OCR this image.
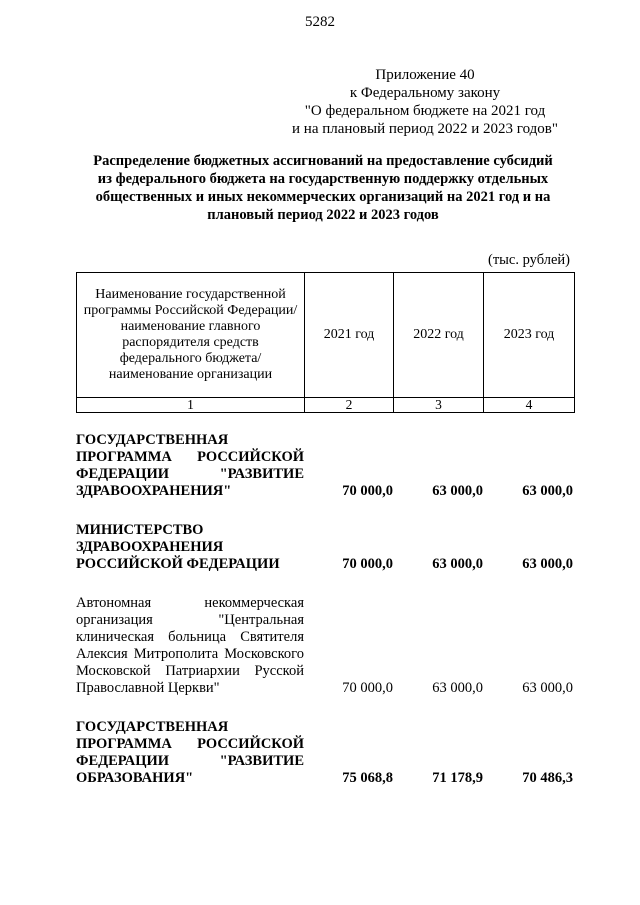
5282
Приложение 40
к Федеральному закону
"О федеральном бюджете на 2021 год
и на плановый период 2022 и 2023 годов"
Распределение бюджетных ассигнований на предоставление субсидий
из федерального бюджета на государственную поддержку отдельных
общественных и иных некоммерческих организаций на 2021 год и на
плановый период 2022 и 2023 годов
(тыс. рублей)
Наименование государственной программы Российской Федерации/наименование главного распорядителя средств федерального бюджета/наименование организации	2021 год	2022 год	2023 год
1	2	3	4
ГОСУДАРСТВЕННАЯ ПРОГРАММА РОССИЙСКОЙ ФЕДЕРАЦИИ "РАЗВИТИЕ ЗДРАВООХРАНЕНИЯ"	70 000,0	63 000,0	63 000,0
МИНИСТЕРСТВО ЗДРАВООХРАНЕНИЯ РОССИЙСКОЙ ФЕДЕРАЦИИ	70 000,0	63 000,0	63 000,0
Автономная некоммерческая организация "Центральная клиническая больница Святителя Алексия Митрополита Московского Московской Патриархии Русской Православной Церкви"	70 000,0	63 000,0	63 000,0
ГОСУДАРСТВЕННАЯ ПРОГРАММА РОССИЙСКОЙ ФЕДЕРАЦИИ "РАЗВИТИЕ ОБРАЗОВАНИЯ"	75 068,8	71 178,9	70 486,3
